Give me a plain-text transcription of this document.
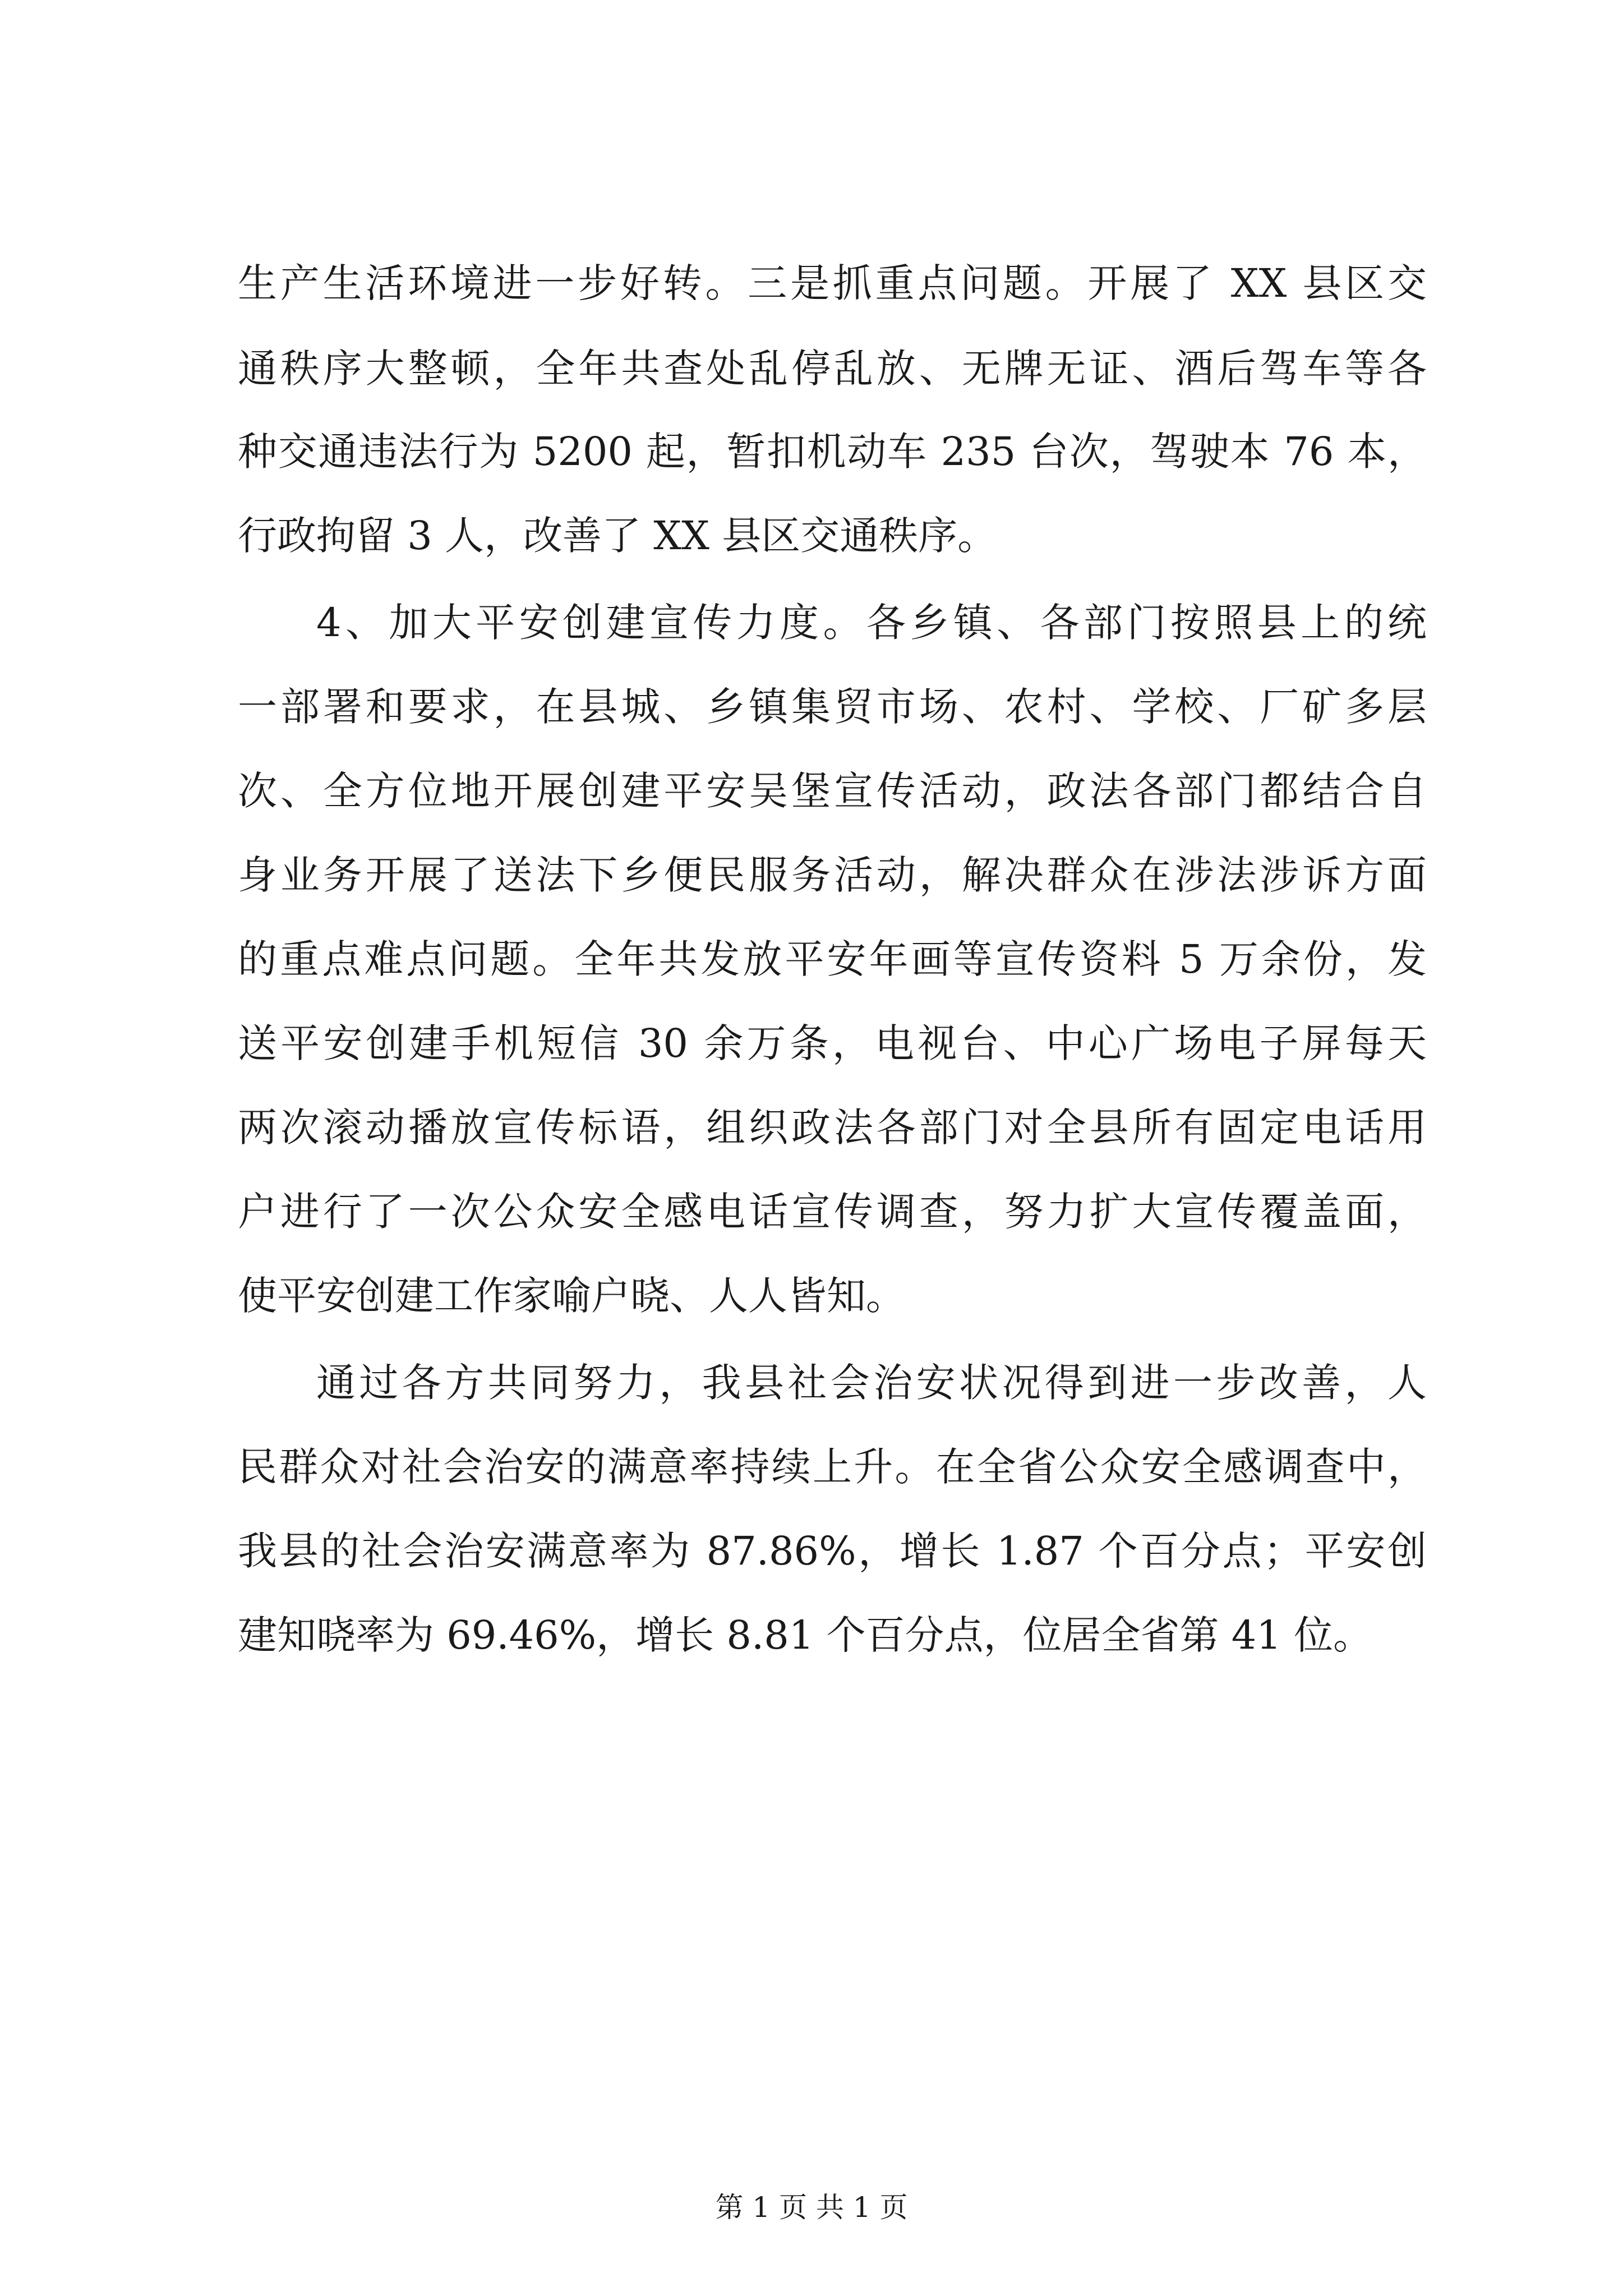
生产生活环境进一步好转。三是抓重点问题。开展了 XX 县区交
通秩序大整顿，全年共查处乱停乱放、无牌无证、酒后驾车等各
种交通违法行为 5200 起，暂扣机动车 235 台次，驾驶本 76 本，
行政拘留 3 人，改善了 XX 县区交通秩序。
4、加大平安创建宣传力度。各乡镇、各部门按照县上的统
一部署和要求，在县城、乡镇集贸市场、农村、学校、厂矿多层
次、全方位地开展创建平安吴堡宣传活动，政法各部门都结合自
身业务开展了送法下乡便民服务活动，解决群众在涉法涉诉方面
的重点难点问题。全年共发放平安年画等宣传资料 5 万余份，发
送平安创建手机短信 30 余万条，电视台、中心广场电子屏每天
两次滚动播放宣传标语，组织政法各部门对全县所有固定电话用
户进行了一次公众安全感电话宣传调查，努力扩大宣传覆盖面，
使平安创建工作家喻户晓、人人皆知。
通过各方共同努力，我县社会治安状况得到进一步改善，人
民群众对社会治安的满意率持续上升。在全省公众安全感调查中，
我县的社会治安满意率为 87.86%，增长 1.87 个百分点；平安创
建知晓率为 69.46%，增长 8.81 个百分点，位居全省第 41 位。
第 1 页 共 1 页
